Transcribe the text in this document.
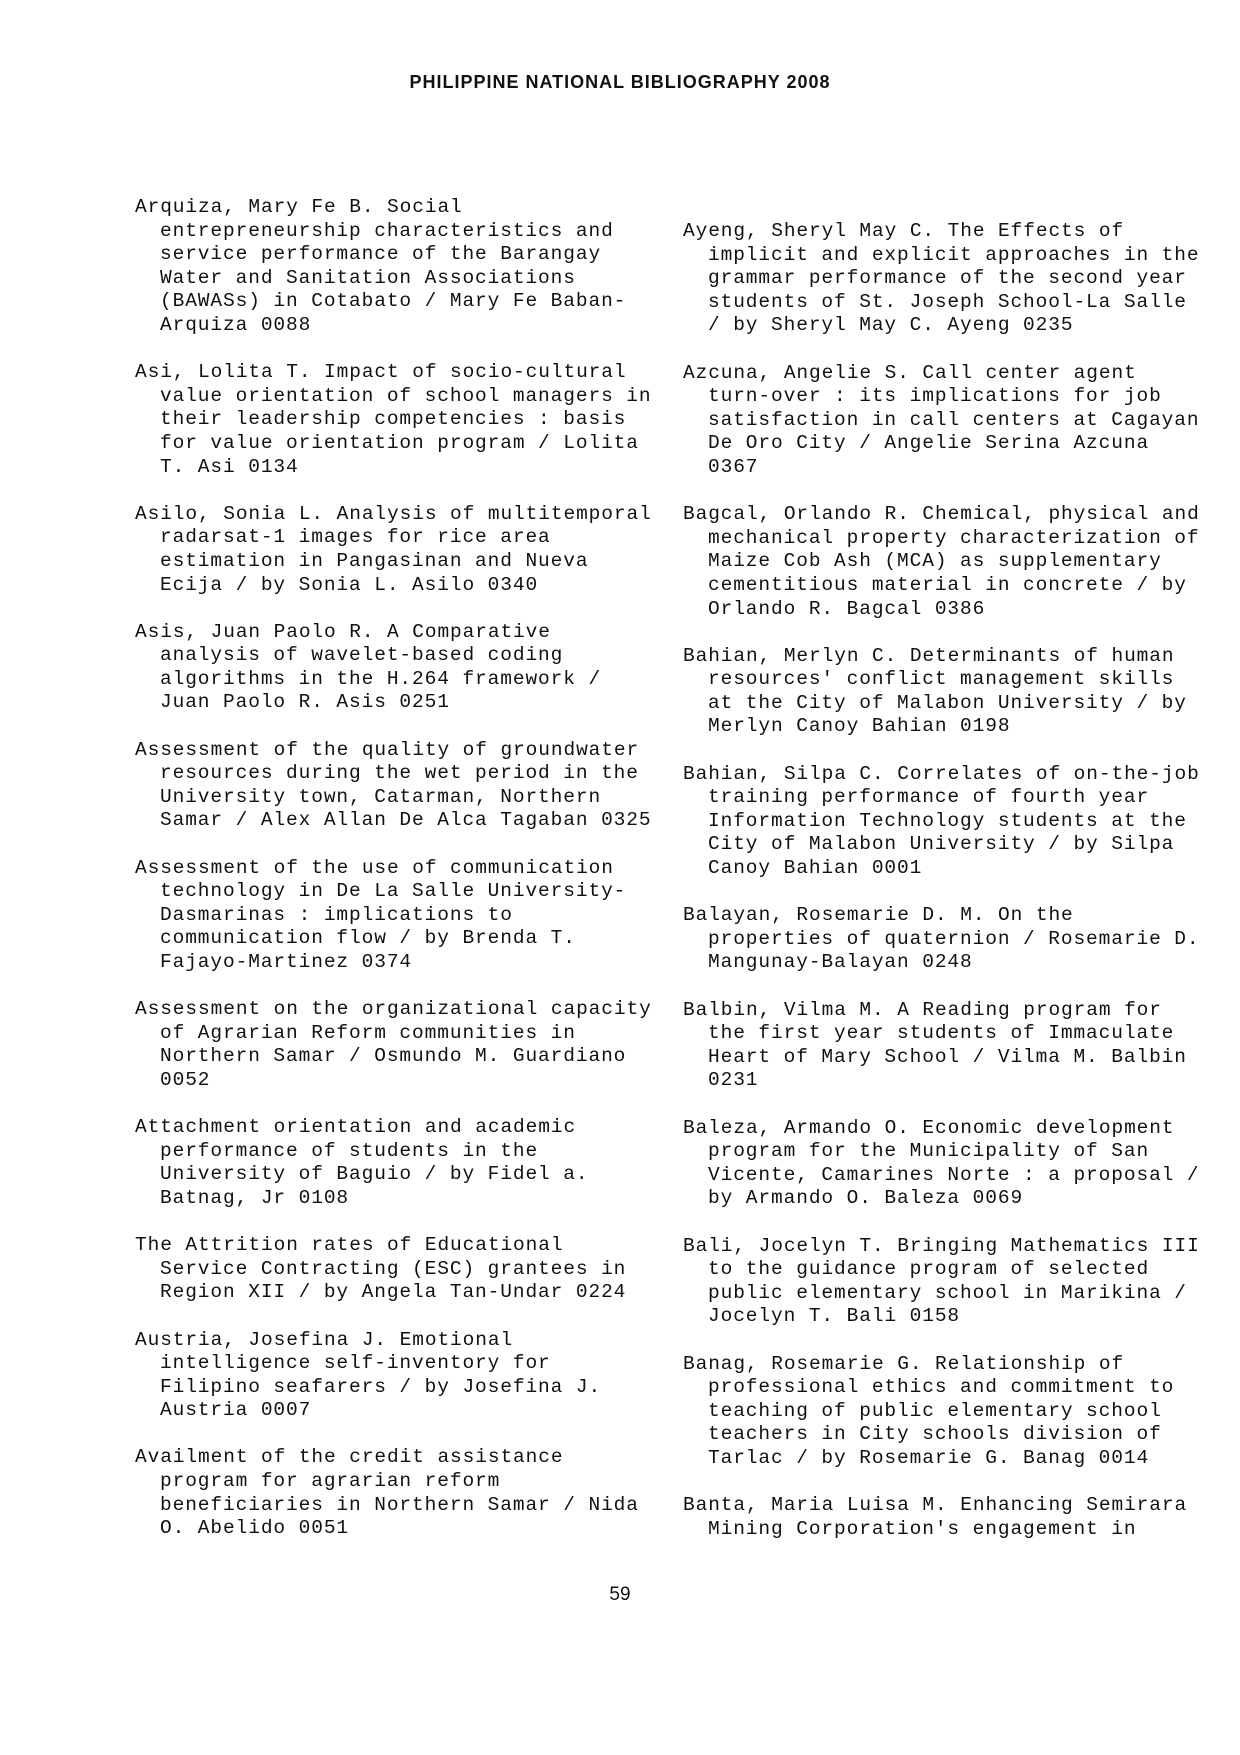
PHILIPPINE NATIONAL BIBLIOGRAPHY 2008

Arquiza, Mary Fe B. Social entrepreneurship characteristics and service performance of the Barangay Water and Sanitation Associations (BAWASs) in Cotabato / Mary Fe Baban-Arquiza 0088

Asi, Lolita T. Impact of socio-cultural value orientation of school managers in their leadership competencies : basis for value orientation program / Lolita T. Asi 0134

Asilo, Sonia L. Analysis of multitemporal radarsat-1 images for rice area estimation in Pangasinan and Nueva Ecija / by Sonia L. Asilo 0340

Asis, Juan Paolo R. A Comparative analysis of wavelet-based coding algorithms in the H.264 framework / Juan Paolo R. Asis 0251

Assessment of the quality of groundwater resources during the wet period in the University town, Catarman, Northern Samar / Alex Allan De Alca Tagaban 0325

Assessment of the use of communication technology in De La Salle University-Dasmarinas : implications to communication flow / by Brenda T. Fajayo-Martinez 0374

Assessment on the organizational capacity of Agrarian Reform communities in Northern Samar / Osmundo M. Guardiano 0052

Attachment orientation and academic performance of students in the University of Baguio / by Fidel a. Batnag, Jr 0108

The Attrition rates of Educational Service Contracting (ESC) grantees in Region XII / by Angela Tan-Undar 0224

Austria, Josefina J. Emotional intelligence self-inventory for Filipino seafarers / by Josefina J. Austria 0007

Availment of the credit assistance program for agrarian reform beneficiaries in Northern Samar / Nida O. Abelido 0051

Ayeng, Sheryl May C. The Effects of implicit and explicit approaches in the grammar performance of the second year students of St. Joseph School-La Salle / by Sheryl May C. Ayeng 0235

Azcuna, Angelie S. Call center agent turn-over : its implications for job satisfaction in call centers at Cagayan De Oro City / Angelie Serina Azcuna 0367

Bagcal, Orlando R. Chemical, physical and mechanical property characterization of Maize Cob Ash (MCA) as supplementary cementitious material in concrete / by Orlando R. Bagcal 0386

Bahian, Merlyn C. Determinants of human resources' conflict management skills at the City of Malabon University / by Merlyn Canoy Bahian 0198

Bahian, Silpa C. Correlates of on-the-job training performance of fourth year Information Technology students at the City of Malabon University / by Silpa Canoy Bahian 0001

Balayan, Rosemarie D. M. On the properties of quaternion / Rosemarie D. Mangunay-Balayan 0248

Balbin, Vilma M. A Reading program for the first year students of Immaculate Heart of Mary School / Vilma M. Balbin 0231

Baleza, Armando O. Economic development program for the Municipality of San Vicente, Camarines Norte : a proposal / by Armando O. Baleza 0069

Bali, Jocelyn T. Bringing Mathematics III to the guidance program of selected public elementary school in Marikina / Jocelyn T. Bali 0158

Banag, Rosemarie G. Relationship of professional ethics and commitment to teaching of public elementary school teachers in City schools division of Tarlac / by Rosemarie G. Banag 0014

Banta, Maria Luisa M. Enhancing Semirara Mining Corporation's engagement in

59
